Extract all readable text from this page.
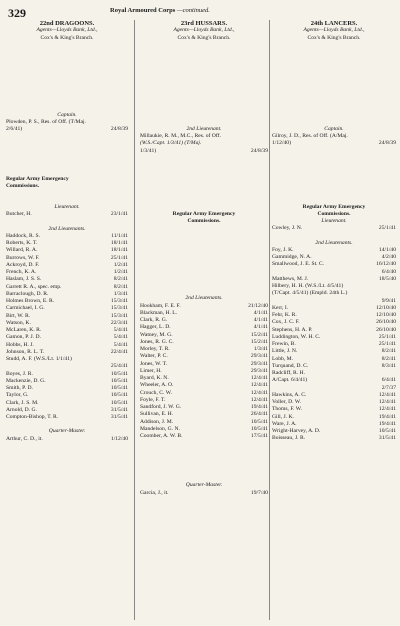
329	Royal Armoured Corps —continued.
22nd DRAGOONS.
Agents—Lloyds Bank, Ltd.,
Cox's & King's Branch.
Captain.
Plowden, P. S., Res. of Off. (T/Maj.
2/6/41)	24/8/39
Regular Army Emergency
Commissions.
Lieutenant.
Butcher, H.	23/1/41
2nd Lieutenants.
Haddock, R. S.	11/1/41
Roberts, K. T.	18/1/41
Willard, R. A.	18/1/41
Burrows, W. F.	25/1/41
Ackroyd, D. F.	1/2/41
French, K. A.	1/2/41
Haslam, J. S. S.	8/2/41
Garrett R. A., spec. emp.	8/2/41
Barraclough, D. R.	1/3/41
Holmes Brown, E. R.	15/3/41
Carmichael, I. G.	15/3/41
Birt, W. R.	15/3/41
Watson, K.	22/3/41
McLaren, K. R.	5/4/41
Gamon, P. J. D.	5/4/41
Hobbs, H. J.	5/4/41
Johnson, R. L. T.	22/4/41
Studd, A. F. (W.S./Lt. 1/1/41)
25/4/41
Boyes, J. R.	10/5/41
Mackenzie, D. G.	10/5/41
Smith, P. D.	10/5/41
Taylor, G.	10/5/41
Clark, J. S. M.	10/5/41
Arnold, D. G.	31/5/41
Compton-Bishop, T. R.	31/5/41
Quarter-Master.
Arthur, C. D., it.	1/12/40
23rd HUSSARS.
Agents—Lloyds Bank, Ltd.,
Cox's & King's Branch.
2nd Lieutenant.
Millaukie, R. M., M.C., Res. of Off.
(W.S./Capt. 1/3/41) (T/Maj.
1/3/41)	24/8/39
Regular Army Emergency
Commissions.
2nd Lieutenants.
Hookham, F. E. F.	21/12/40
Blackman, H. L.	4/1/41
Clark, R. G.	4/1/41
Hagger, L. D.	4/1/41
Watney, M. G.	15/2/41
Jones, R. G. C.	15/2/41
Morley, T. R.	1/3/41
Walter, P. C.	29/3/41
Jones, W. T.	29/3/41
Limer, H.	29/3/41
Byard, K. N.	12/4/41
Wheeler, A. O.	12/4/41
Crouch, C. W.	12/4/41
Foyle, F. T.	12/4/41
Sandford, J. W. G.	19/4/41
Sullivan, E. H.	26/4/41
Addison, J. M.	10/5/41
Mandelson, G. N.	10/5/41
Coomber, A. W. B.	17/5/41
Quarter-Master.
Garcia, J., it.	19/7/40
24th LANCERS.
Agents—Lloyds Bank, Ltd.,
Cox's & King's Branch.
Captain.
Gilroy, J. D., Res. of Off. (A/Maj.
1/12/40)	24/8/39
Regular Army Emergency
Commissions.
Lieutenant.
Cowley, J. N.	25/1/41
2nd Lieutenants.
Foy, J. K.	14/1/40
Gammidge, N. A.	4/2/40
Smallwood, J. E. St. C.	16/12/40
6/4/40
Matthews, M. J.	18/5/40
Hilbery, H. H. (W.S./Lt. 4/5/41)
(T/Capt. 4/5/41) (Empld. 24th L.)
9/9/41
Kerr, I.	12/10/40
Fehr, K. R.	12/10/40
Cox, J. C. F.	26/10/40
Stephens, H. A. P.	26/10/40
Luddington, W. H. C.	25/1/41
Frewin, B.	25/1/41
Little, J. N.	8/2/41
Lobb, M.	8/2/41
Turquand, D. C.	8/3/41
Radcliff, R. H.
A/Capt. 6/4/41)	6/4/41
2/7/37
Hawkins, A. C.	12/4/41
Voller, D. W.	12/4/41
Thoms, F. W.	12/4/41
Gill, J. K.	19/4/41
Ware, J. A.	19/4/41
Wright-Harvey, A. D.	10/5/41
Boisseau, J. R.	31/5/41
